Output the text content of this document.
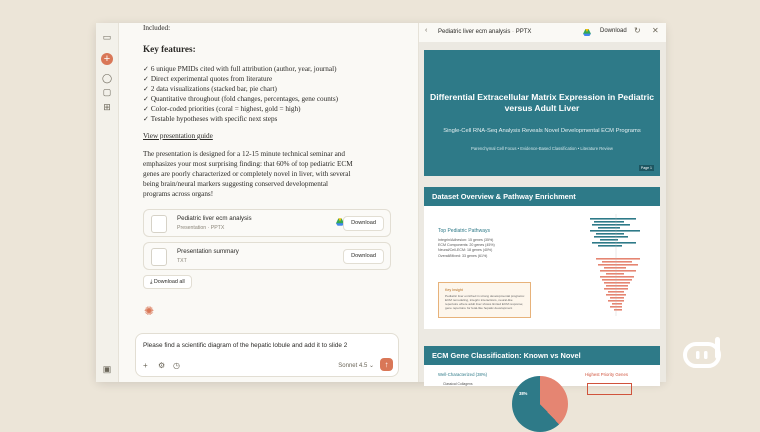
▭
+
◯
▢
⊞
▣
Included:
Key features:
✓ 6 unique PMIDs cited with full attribution (author, year, journal)
✓ Direct experimental quotes from literature
✓ 2 data visualizations (stacked bar, pie chart)
✓ Quantitative throughout (fold changes, percentages, gene counts)
✓ Color-coded priorities (coral = highest, gold = high)
✓ Testable hypotheses with specific next steps
View presentation guide
The presentation is designed for a 12-15 minute technical seminar and
emphasizes your most surprising finding: that 60% of top pediatric ECM
genes are poorly characterized or completely novel in liver, with several
being brain/neural markers suggesting conserved developmental
programs across organs!
Pediatric liver ecm analysis
Presentation · PPTX
Download
Presentation summary
TXT
Download
⤓ Download all
✺
Please find a scientific diagram of the hepatic lobule and add it to slide 2
+ ⚙ ◷	Sonnet 4.5 ⌄	↑
‹ Pediatric liver ecm analysis · PPTX	Download ↻ ✕
Differential Extracellular Matrix Expression in Pediatric versus Adult Liver
Single-Cell RNA-Seq Analysis Reveals Novel Developmental ECM Programs
Parenchymal Cell Focus • Evidence-Based Classification • Literature Review
Page 1
Dataset Overview & Pathway Enrichment
Top Pediatric Pathways
Integrin/Adhesion: 15 genes (35%)
ECM Components: 20 genes (45%)
Neural/Cell-ECM: 18 genes (40%)
Overall/Mixed: 33 genes (61%)
Key Insight
Pediatric liver enriched in strong developmental programs: ECM remodeling, integrin interactions, neural-like repertoire where adult liver shows limited ECM response; gene repertoire for fetal-like hepatic development
ECM Gene Classification: Known vs Novel
Well-Characterized (38%)	Highest Priority Genes
Classical Collagens
38%
